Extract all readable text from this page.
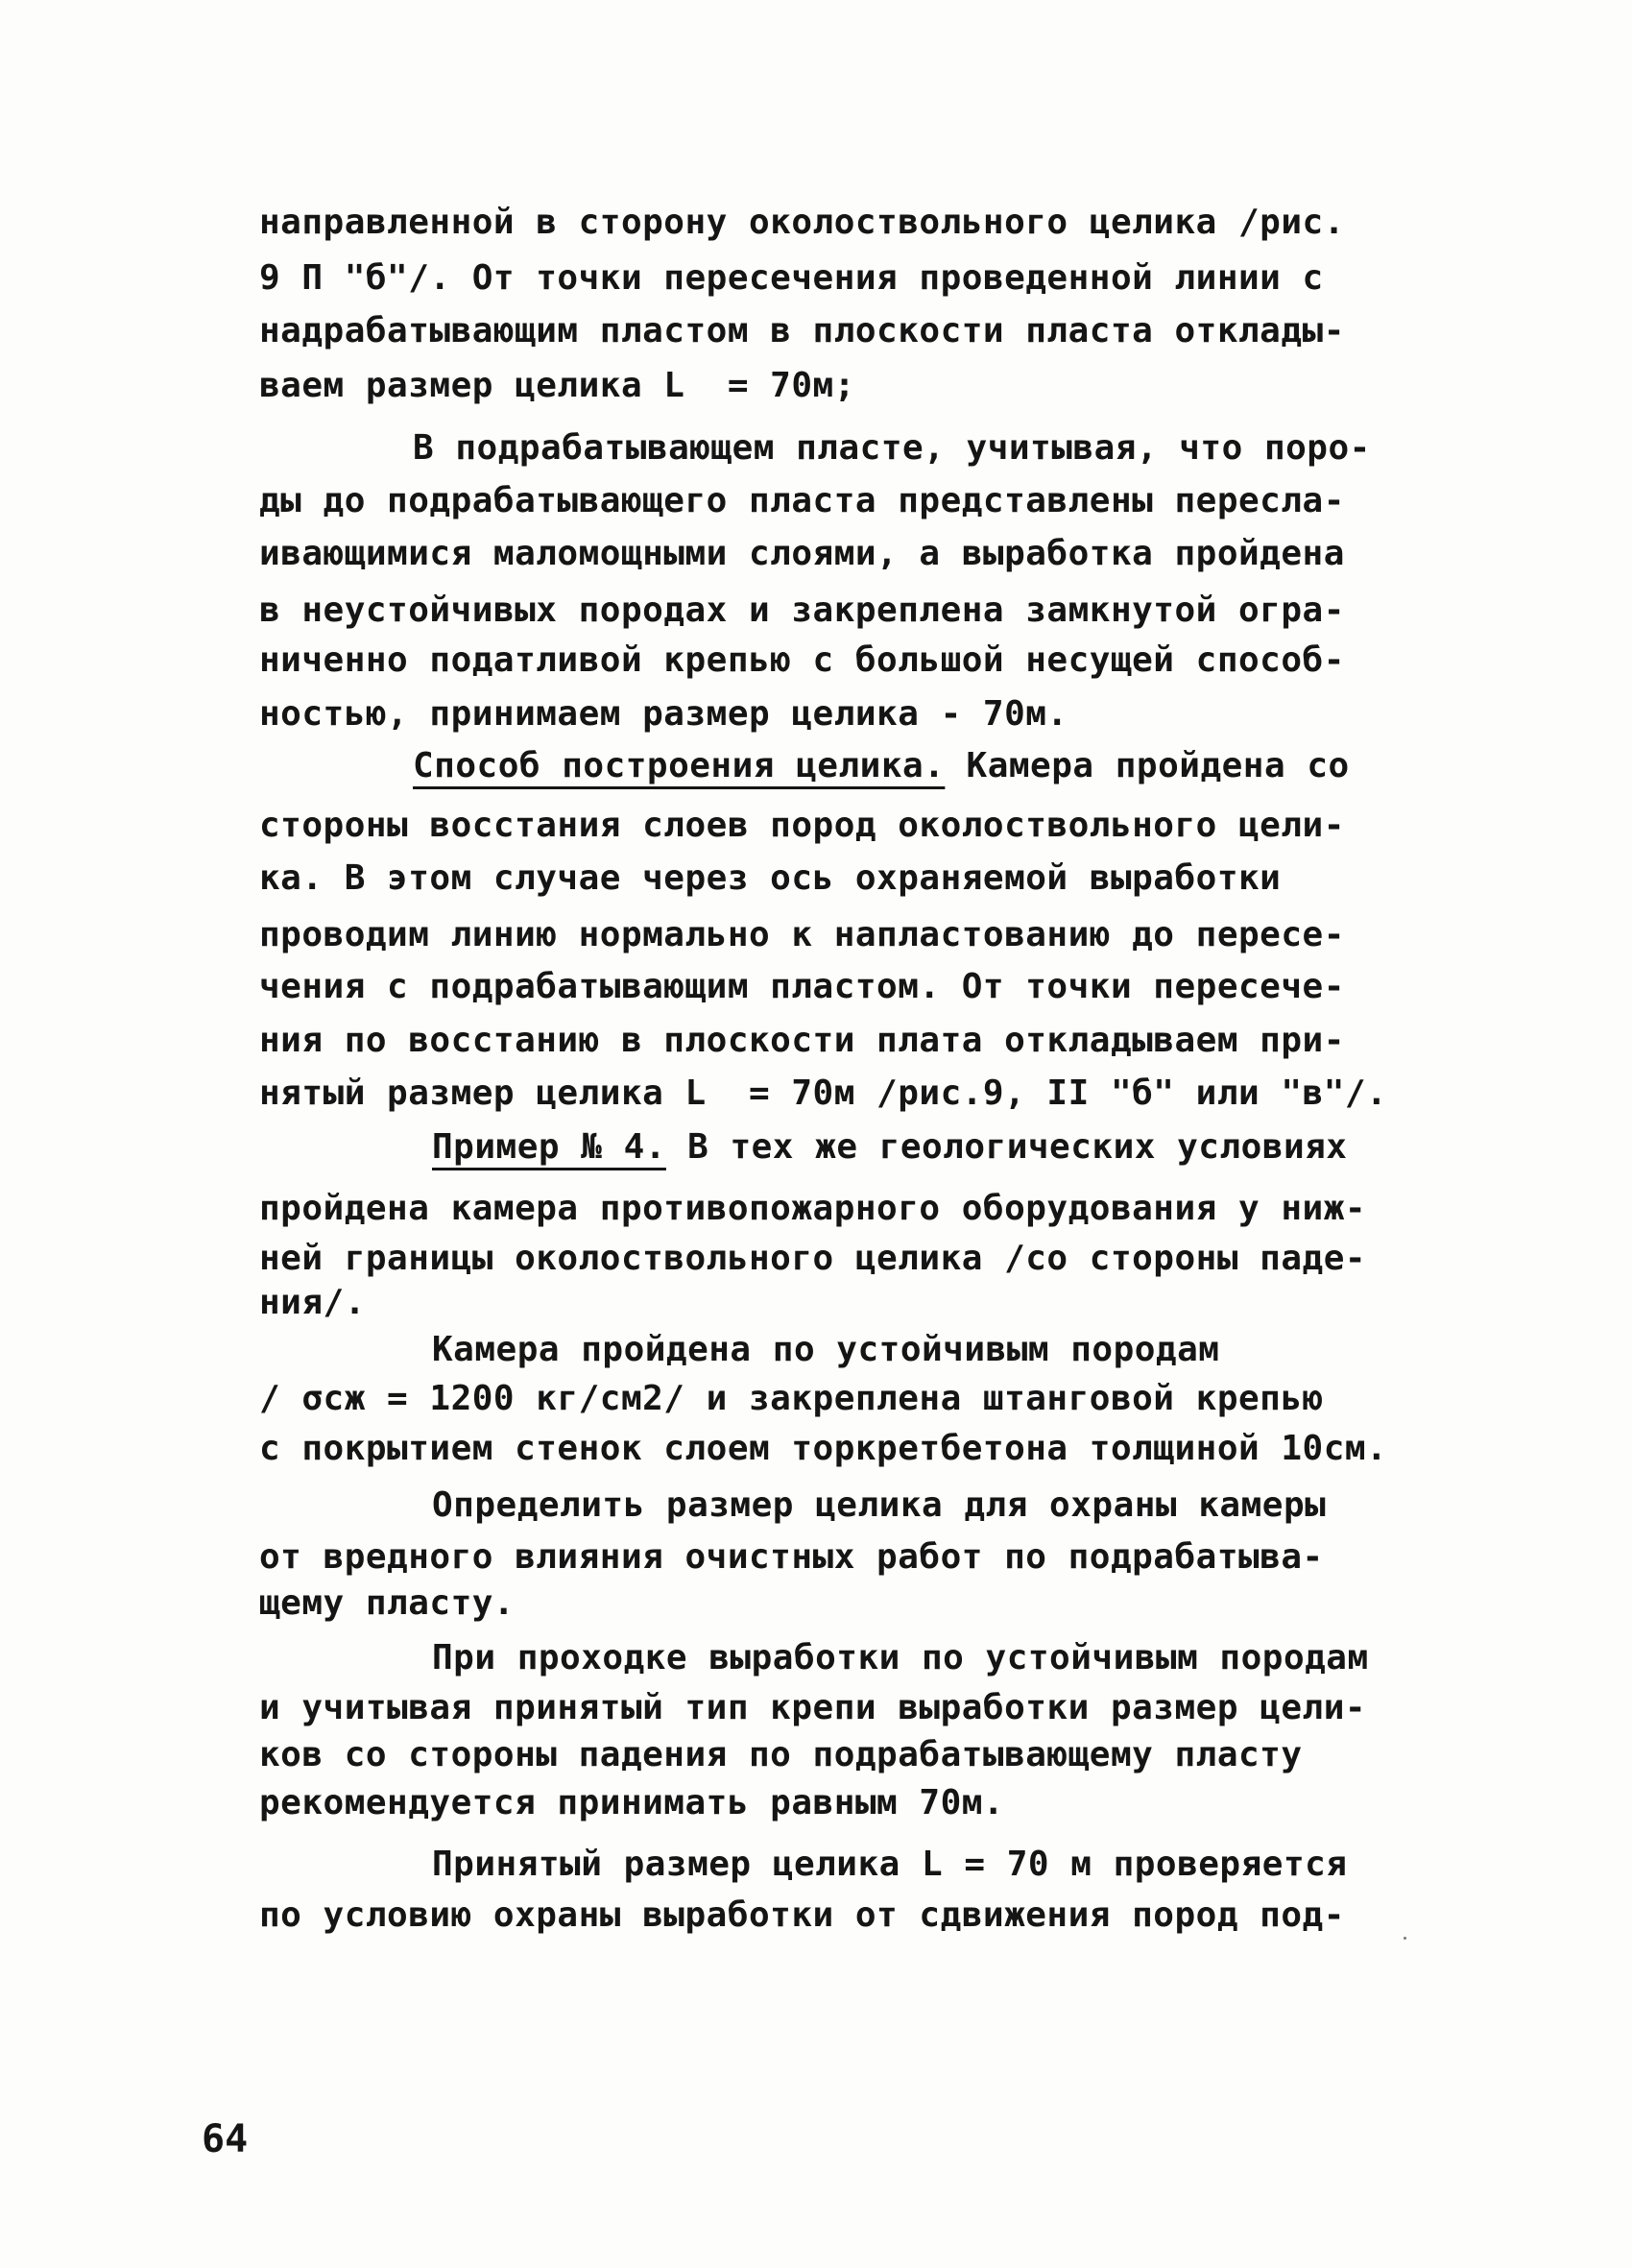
направленной в сторону околоствольного целика /рис.
9 П "б"/. От точки пересечения проведенной линии с
надрабатывающим пластом в плоскости пласта отклады-
ваем размер целика L  = 70м;
В подрабатывающем пласте, учитывая, что поро-
ды до подрабатывающего пласта представлены пересла-
ивающимися маломощными слоями, а выработка пройдена
в неустойчивых породах и закреплена замкнутой огра-
ниченно податливой крепью с большой несущей способ-
ностью, принимаем размер целика - 70м.
Способ построения целика. Камера пройдена со
стороны восстания слоев пород околоствольного цели-
ка. В этом случае через ось охраняемой выработки
проводим линию нормально к напластованию до пересе-
чения с подрабатывающим пластом. От точки пересече-
ния по восстанию в плоскости плата откладываем при-
нятый размер целика L  = 70м /рис.9, II "б" или "в"/.
Пример № 4. В тех же геологических условиях
пройдена камера противопожарного оборудования у ниж-
ней границы околоствольного целика /со стороны паде-
ния/.
Камера пройдена по устойчивым породам
/ σсж = 1200 кг/см2/ и закреплена штанговой крепью
с покрытием стенок слоем торкретбетона толщиной 10см.
Определить размер целика для охраны камеры
от вредного влияния очистных работ по подрабатыва-
щему пласту.
При проходке выработки по устойчивым породам
и учитывая принятый тип крепи выработки размер цели-
ков со стороны падения по подрабатывающему пласту
рекомендуется принимать равным 70м.
Принятый размер целика L = 70 м проверяется
по условию охраны выработки от сдвижения пород под-
64
